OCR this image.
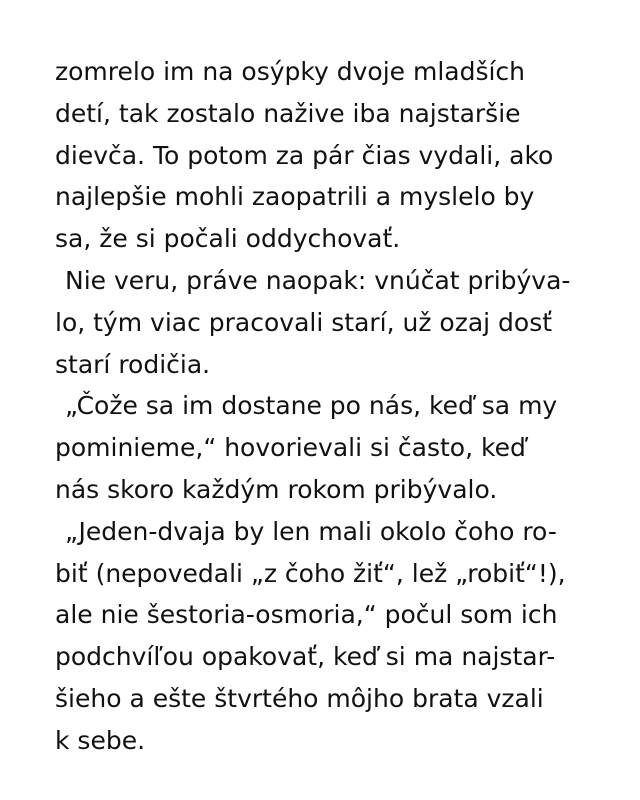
zomrelo im na osýpky dvoje mladších
detí, tak zostalo nažive iba najstaršie
dievča. To potom za pár čias vydali, ako
najlepšie mohli zaopatrili a myslelo by
sa, že si počali oddychovať.
Nie veru, práve naopak: vnúčat pribýva-
lo, tým viac pracovali starí, už ozaj dosť
starí rodičia.
„Čože sa im dostane po nás, keď sa my
pominieme,“ hovorievali si často, keď
nás skoro každým rokom pribývalo.
„Jeden-dvaja by len mali okolo čoho ro-
biť (nepovedali „z čoho žiť“, lež „robiť“!),
ale nie šestoria-osmoria,“ počul som ich
podchvíľou opakovať, keď si ma najstar-
šieho a ešte štvrtého môjho brata vzali
k sebe.
